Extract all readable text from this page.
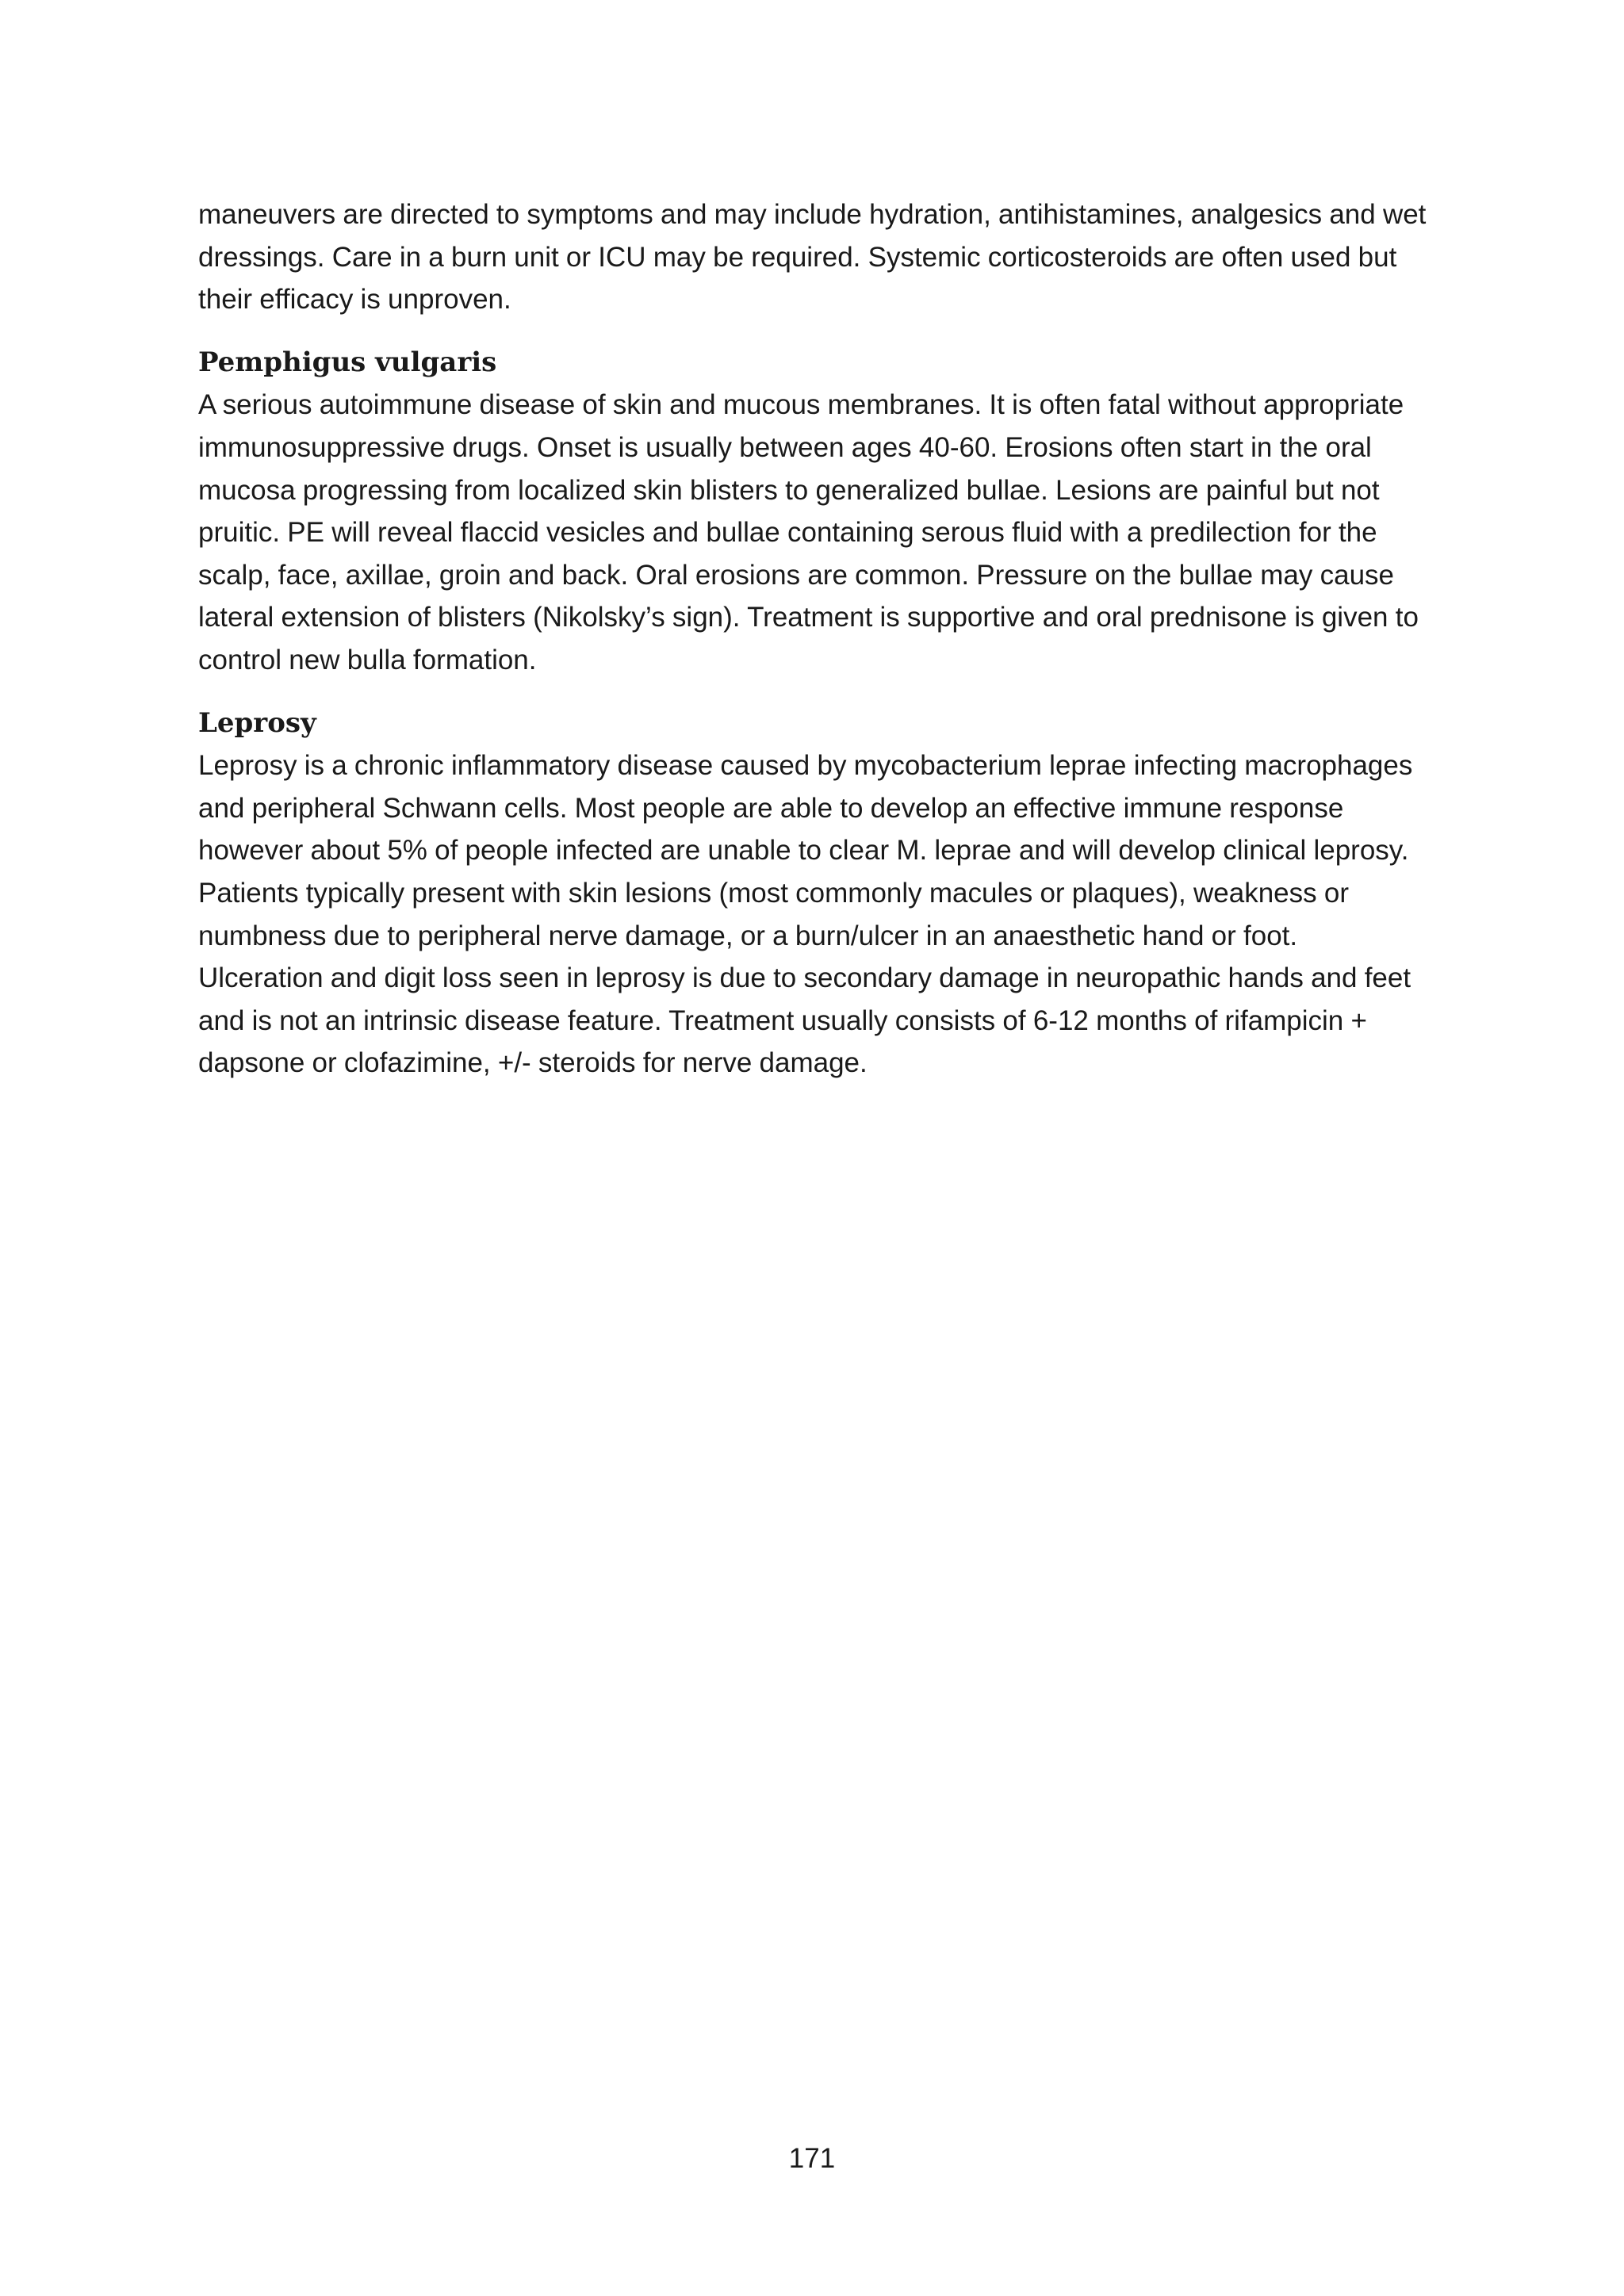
maneuvers are directed to symptoms and may include hydration, antihistamines, analgesics and wet
dressings. Care in a burn unit or ICU may be required. Systemic corticosteroids are often used but
their efficacy is unproven.

Pemphigus vulgaris

A serious autoimmune disease of skin and mucous membranes. It is often fatal without appropriate
immunosuppressive drugs. Onset is usually between ages 40-60. Erosions often start in the oral
mucosa progressing from localized skin blisters to generalized bullae. Lesions are painful but not
pruitic. PE will reveal flaccid vesicles and bullae containing serous fluid with a predilection for the
scalp, face, axillae, groin and back. Oral erosions are common. Pressure on the bullae may cause
lateral extension of blisters (Nikolsky’s sign). Treatment is supportive and oral prednisone is given to
control new bulla formation.

Leprosy

Leprosy is a chronic inflammatory disease caused by mycobacterium leprae infecting macrophages
and peripheral Schwann cells. Most people are able to develop an effective immune response
however about 5% of people infected are unable to clear M. leprae and will develop clinical leprosy.
Patients typically present with skin lesions (most commonly macules or plaques), weakness or
numbness due to peripheral nerve damage, or a burn/ulcer in an anaesthetic hand or foot.
Ulceration and digit loss seen in leprosy is due to secondary damage in neuropathic hands and feet
and is not an intrinsic disease feature. Treatment usually consists of 6-12 months of rifampicin +
dapsone or clofazimine, +/- steroids for nerve damage.

171
